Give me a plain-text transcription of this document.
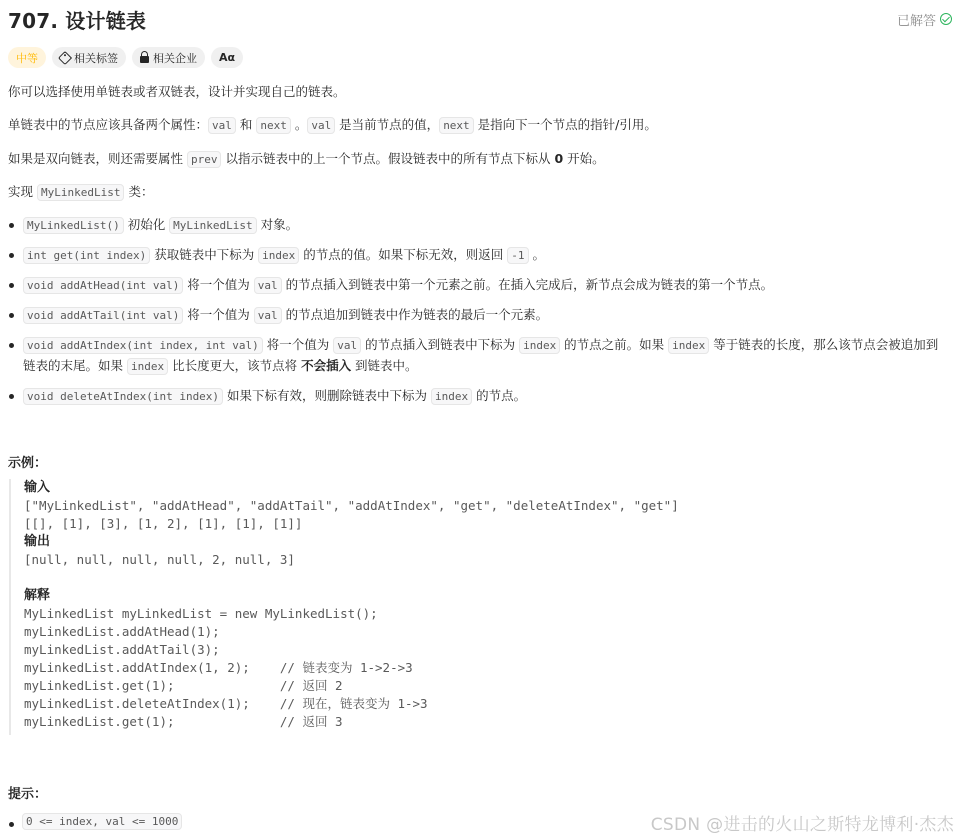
707. 设计链表	已解答
中等	相关标签	相关企业 Aα
你可以选择使用单链表或者双链表，设计并实现自己的链表。
单链表中的节点应该具备两个属性： val 和 next 。 val 是当前节点的值， next 是指向下一个节点的指针/引用。
如果是双向链表，则还需要属性 prev 以指示链表中的上一个节点。假设链表中的所有节点下标从 0 开始。
实现 MyLinkedList 类：
MyLinkedList() 初始化 MyLinkedList 对象。
int get(int index) 获取链表中下标为 index 的节点的值。如果下标无效，则返回 -1 。
void addAtHead(int val) 将一个值为 val 的节点插入到链表中第一个元素之前。在插入完成后，新节点会成为链表的第一个节点。
void addAtTail(int val) 将一个值为 val 的节点追加到链表中作为链表的最后一个元素。
void addAtIndex(int index, int val) 将一个值为 val 的节点插入到链表中下标为 index 的节点之前。如果 index 等于链表的长度，那么该节点会被追加到链表的末尾。如果 index 比长度更大，该节点将 不会插入 到链表中。
void deleteAtIndex(int index) 如果下标有效，则删除链表中下标为 index 的节点。
示例：
输入
["MyLinkedList", "addAtHead", "addAtTail", "addAtIndex", "get", "deleteAtIndex", "get"]
[[], [1], [3], [1, 2], [1], [1], [1]]
输出
[null, null, null, null, 2, null, 3]
解释
MyLinkedList myLinkedList = new MyLinkedList();
myLinkedList.addAtHead(1);
myLinkedList.addAtTail(3);
myLinkedList.addAtIndex(1, 2);    // 链表变为 1->2->3
myLinkedList.get(1);              // 返回 2
myLinkedList.deleteAtIndex(1);    // 现在，链表变为 1->3
myLinkedList.get(1);              // 返回 3
提示：
0 <= index, val <= 1000	CSDN @进击的火山之斯特龙博利·杰杰
